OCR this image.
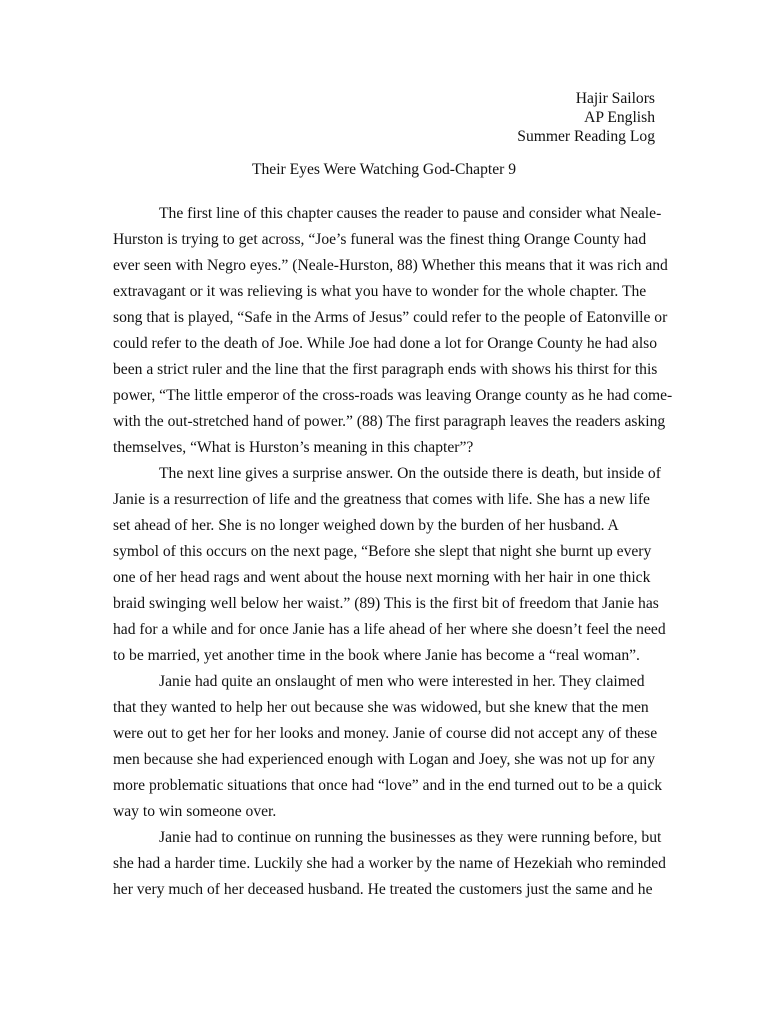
Hajir Sailors
AP English
Summer Reading Log
Their Eyes Were Watching God-Chapter 9
The first line of this chapter causes the reader to pause and consider what Neale-
Hurston is trying to get across, “Joe’s funeral was the finest thing Orange County had
ever seen with Negro eyes.” (Neale-Hurston, 88) Whether this means that it was rich and
extravagant or it was relieving is what you have to wonder for the whole chapter. The
song that is played, “Safe in the Arms of Jesus” could refer to the people of Eatonville or
could refer to the death of Joe. While Joe had done a lot for Orange County he had also
been a strict ruler and the line that the first paragraph ends with shows his thirst for this
power, “The little emperor of the cross-roads was leaving Orange county as he had come-
with the out-stretched hand of power.” (88) The first paragraph leaves the readers asking
themselves, “What is Hurston’s meaning in this chapter”?
The next line gives a surprise answer. On the outside there is death, but inside of
Janie is a resurrection of life and the greatness that comes with life. She has a new life
set ahead of her. She is no longer weighed down by the burden of her husband. A
symbol of this occurs on the next page, “Before she slept that night she burnt up every
one of her head rags and went about the house next morning with her hair in one thick
braid swinging well below her waist.” (89) This is the first bit of freedom that Janie has
had for a while and for once Janie has a life ahead of her where she doesn’t feel the need
to be married, yet another time in the book where Janie has become a “real woman”.
Janie had quite an onslaught of men who were interested in her. They claimed
that they wanted to help her out because she was widowed, but she knew that the men
were out to get her for her looks and money. Janie of course did not accept any of these
men because she had experienced enough with Logan and Joey, she was not up for any
more problematic situations that once had “love” and in the end turned out to be a quick
way to win someone over.
Janie had to continue on running the businesses as they were running before, but
she had a harder time. Luckily she had a worker by the name of Hezekiah who reminded
her very much of her deceased husband. He treated the customers just the same and he
